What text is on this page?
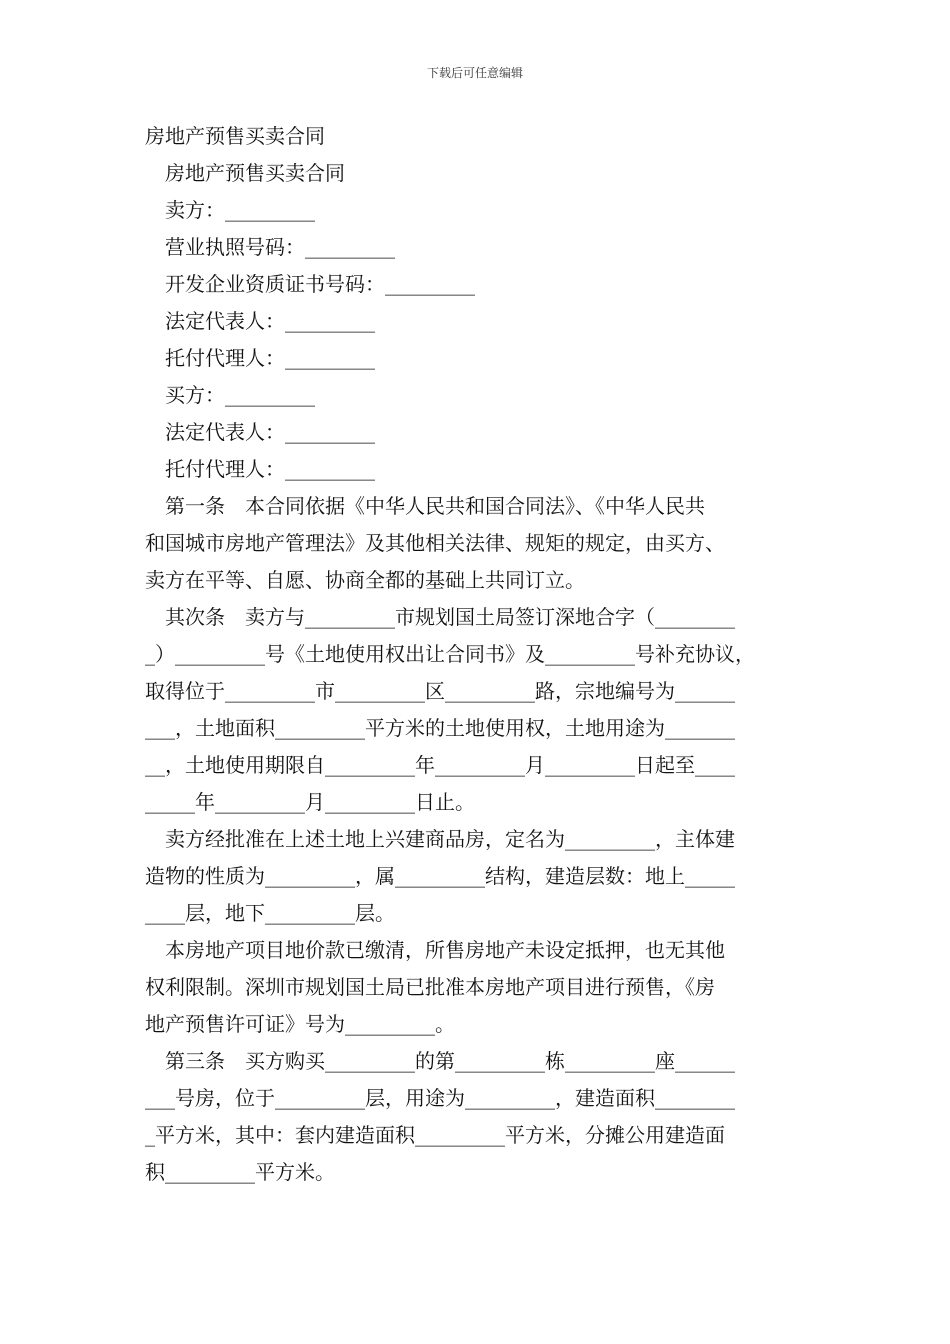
下载后可任意编辑
房地产预售买卖合同
房地产预售买卖合同
卖方：_________
营业执照号码：_________
开发企业资质证书号码：_________
法定代表人：_________
托付代理人：_________
买方：_________
法定代表人：_________
托付代理人：_________
第一条　本合同依据《中华人民共和国合同法》、《中华人民共
和国城市房地产管理法》及其他相关法律、规矩的规定，由买方、
卖方在平等、自愿、协商全都的基础上共同订立。
其次条　卖方与_________市规划国土局签订深地合字（________
_）_________号《土地使用权出让合同书》及_________号补充协议，
取得位于_________市_________区_________路，宗地编号为______
___，土地面积_________平方米的土地使用权，土地用途为_______
__，土地使用期限自_________年_________月_________日起至____
_____年_________月_________日止。
卖方经批准在上述土地上兴建商品房，定名为_________，主体建
造物的性质为_________，属_________结构，建造层数：地上_____
____层，地下_________层。
本房地产项目地价款已缴清，所售房地产未设定抵押，也无其他
权利限制。深圳市规划国土局已批准本房地产项目进行预售，《房
地产预售许可证》号为_________。
第三条　买方购买_________的第_________栋_________座______
___号房，位于_________层，用途为_________，建造面积________
_平方米，其中：套内建造面积_________平方米，分摊公用建造面
积_________平方米。
